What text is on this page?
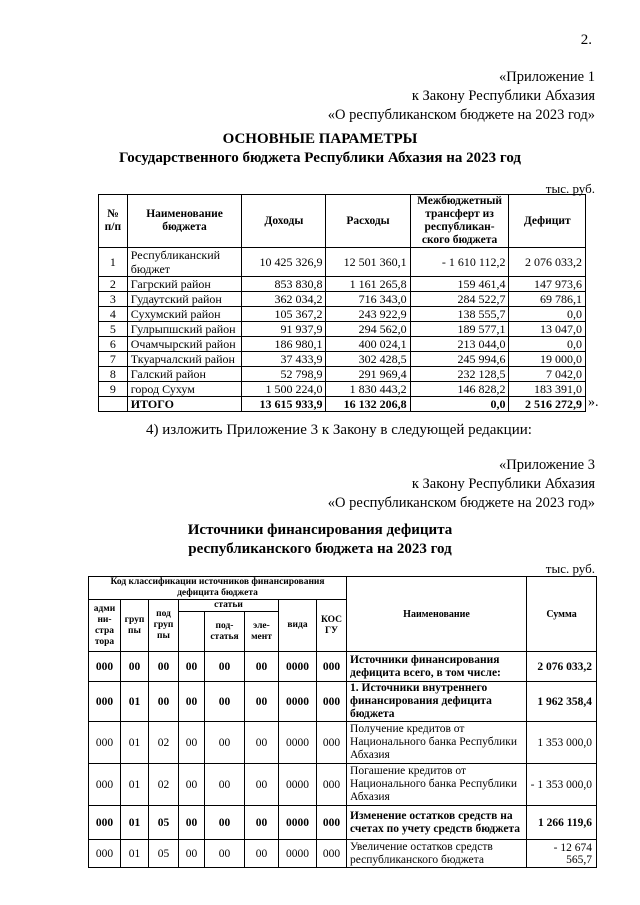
2.
«Приложение 1
к Закону Республики Абхазия
«О республиканском бюджете на 2023 год»
ОСНОВНЫЕ ПАРАМЕТРЫ
Государственного бюджета Республики Абхазия на 2023 год
тыс. руб.
№ п/п	Наименование бюджета	Доходы	Расходы	Межбюджетный трансферт из республикан-ского бюджета	Дефицит
1	Республиканский бюджет	10 425 326,9	12 501 360,1	- 1 610 112,2	2 076 033,2
2	Гагрский район	853 830,8	1 161 265,8	159 461,4	147 973,6
3	Гудаутский район	362 034,2	716 343,0	284 522,7	69 786,1
4	Сухумский район	105 367,2	243 922,9	138 555,7	0,0
5	Гулрыпшский район	91 937,9	294 562,0	189 577,1	13 047,0
6	Очамчырский район	186 980,1	400 024,1	213 044,0	0,0
7	Ткуарчалский район	37 433,9	302 428,5	245 994,6	19 000,0
8	Галский район	52 798,9	291 969,4	232 128,5	7 042,0
9	город Сухум	1 500 224,0	1 830 443,2	146 828,2	183 391,0
	ИТОГО	13 615 933,9	16 132 206,8	0,0	2 516 272,9 ».
4) изложить Приложение 3 к Закону в следующей редакции:
«Приложение 3
к Закону Республики Абхазия
«О республиканском бюджете на 2023 год»
Источники финансирования дефицита
республиканского бюджета на 2023 год
тыс. руб.
Код классификации источников финансирования дефицита бюджета								Наименование	Сумма
адми ни- стра тора	груп пы	под груп пы	статьи			вида	КОС ГУ		
				под- статья	эле- мент				
000	00	00	00	00	00	0000	000	Источники финансирования дефицита всего, в том числе:	2 076 033,2
000	01	00	00	00	00	0000	000	1. Источники внутреннего финансирования дефицита бюджета	1 962 358,4
000	01	02	00	00	00	0000	000	Получение кредитов от Национального банка Республики Абхазия	1 353 000,0
000	01	02	00	00	00	0000	000	Погашение кредитов от Национального банка Республики Абхазия	- 1 353 000,0
000	01	05	00	00	00	0000	000	Изменение остатков средств на счетах по учету средств бюджета	1 266 119,6
000	01	05	00	00	00	0000	000	Увеличение остатков средств республиканского бюджета	- 12 674 565,7
